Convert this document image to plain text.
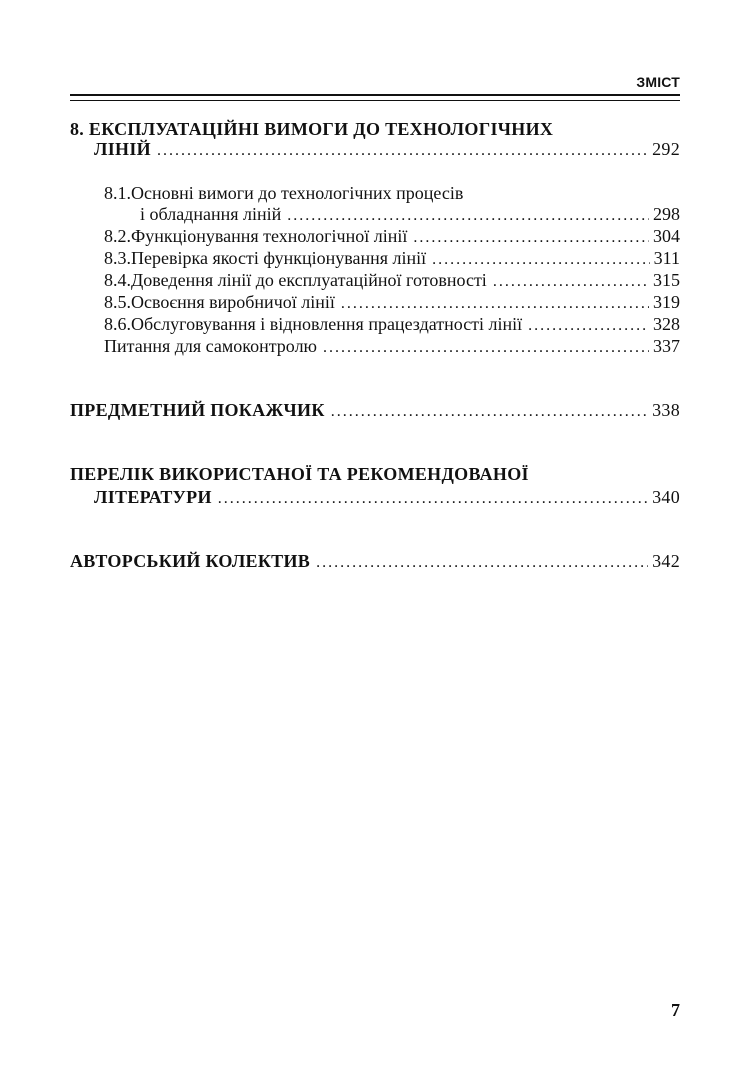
ЗМІСТ
8. ЕКСПЛУАТАЦІЙНІ ВИМОГИ ДО ТЕХНОЛОГІЧНИХ
ЛІНІЙ .....	292
8.1.Основні вимоги до технологічних процесів
і обладнання ліній .....	298
8.2.Функціонування технологічної лінії .....	304
8.3.Перевірка якості функціонування лінії .....	311
8.4.Доведення лінії до експлуатаційної готовності .....	315
8.5.Освоєння виробничої лінії .....	319
8.6.Обслуговування і відновлення працездатності лінії .....	328
Питання для самоконтролю .....	337
ПРЕДМЕТНИЙ ПОКАЖЧИК .....	338
ПЕРЕЛІК ВИКОРИСТАНОЇ ТА РЕКОМЕНДОВАНОЇ
ЛІТЕРАТУРИ .....	340
АВТОРСЬКИЙ КОЛЕКТИВ .....	342
7
